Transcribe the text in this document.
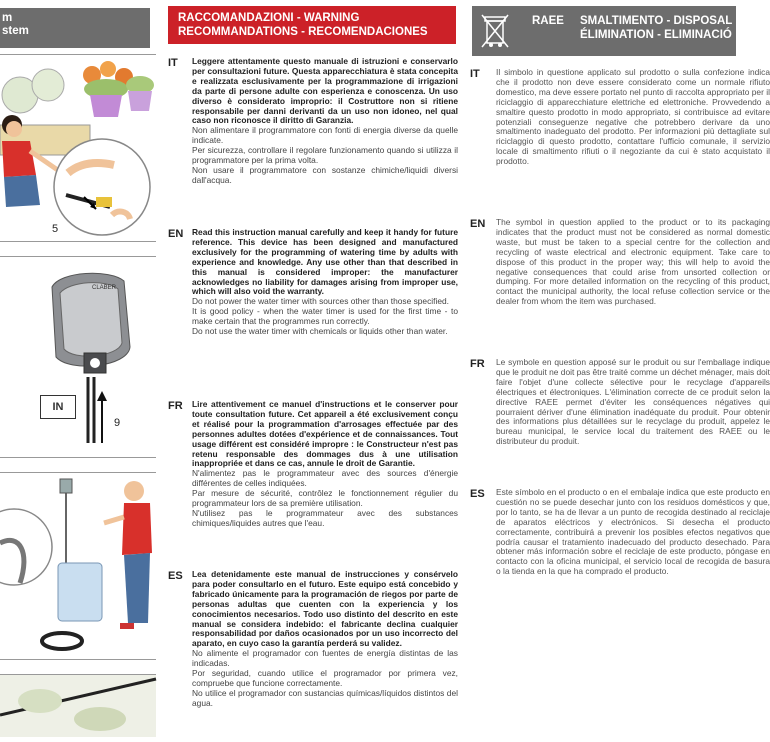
m
stem
5
CLABER
IN
9
RACCOMANDAZIONI - WARNING
RECOMMANDATIONS - RECOMENDACIONES
IT Leggere attentamente questo manuale di istruzioni e conservarlo per consultazioni future. Questa apparecchiatura è stata concepita e realizzata esclusivamente per la programmazione di irrigazioni da parte di persone adulte con esperienza e conoscenza. Un uso diverso è considerato improprio: il Costruttore non si ritiene responsabile per danni derivanti da un uso non idoneo, nel qual caso non riconosce il diritto di Garanzia.
Non alimentare il programmatore con fonti di energia diverse da quelle indicate.
Per sicurezza, controllare il regolare funzionamento quando si utilizza il programmatore per la prima volta.
Non usare il programmatore con sostanze chimiche/liquidi diversi dall'acqua.
EN Read this instruction manual carefully and keep it handy for future reference. This device has been designed and manufactured exclusively for the programming of watering time by adults with experience and knowledge. Any use other than that described in this manual is considered improper: the manufacturer acknowledges no liability for damages arising from improper use, which will also void the warranty.
Do not power the water timer with sources other than those specified.
It is good policy - when the water timer is used for the first time - to make certain that the programmes run correctly.
Do not use the water timer with chemicals or liquids other than water.
FR Lire attentivement ce manuel d'instructions et le conserver pour toute consultation future. Cet appareil a été exclusivement conçu et réalisé pour la programmation d'arrosages effectuée par des personnes adultes dotées d'expérience et de connaissances. Tout usage différent est considéré impropre : le Constructeur n'est pas retenu responsable des dommages dus à une utilisation inappropriée et dans ce cas, annule le droit de Garantie.
N'alimentez pas le programmateur avec des sources d'énergie différentes de celles indiquées.
Par mesure de sécurité, contrôlez le fonctionnement régulier du programmateur lors de sa première utilisation.
N'utilisez pas le programmateur avec des substances chimiques/liquides autres que l'eau.
ES Lea detenidamente este manual de instrucciones y consérvelo para poder consultarlo en el futuro. Este equipo está concebido y fabricado únicamente para la programación de riegos por parte de personas adultas que cuenten con la experiencia y los conocimientos necesarios. Todo uso distinto del descrito en este manual se considera indebido: el fabricante declina cualquier responsabilidad por daños ocasionados por un uso incorrecto del aparato, en cuyo caso la garantía perderá su validez.
No alimente el programador con fuentes de energía distintas de las indicadas.
Por seguridad, cuando utilice el programador por primera vez, compruebe que funcione correctamente.
No utilice el programador con sustancias químicas/líquidos distintos del agua.
RAEE SMALTIMENTO - DISPOSAL
ÉLIMINATION - ELIMINACIÓ
IT Il simbolo in questione applicato sul prodotto o sulla confezione indica che il prodotto non deve essere considerato come un normale rifiuto domestico, ma deve essere portato nel punto di raccolta appropriato per il riciclaggio di apparecchiature elettriche ed elettroniche. Provvedendo a smaltire questo prodotto in modo appropriato, si contribuisce ad evitare potenziali conseguenze negative che potrebbero derivare da uno smaltimento inadeguato del prodotto. Per informazioni più dettagliate sul riciclaggio di questo prodotto, contattare l'ufficio comunale, il servizio locale di smaltimento rifiuti o il negoziante da cui è stato acquistato il prodotto.
EN The symbol in question applied to the product or to its packaging indicates that the product must not be considered as normal domestic waste, but must be taken to a special centre for the collection and recycling of waste electrical and electronic equipment. Take care to dispose of this product in the proper way; this will help to avoid the negative consequences that could arise from unsorted collection or dumping. For more detailed information on the recycling of this product, contact the municipal authority, the local refuse collection service or the dealer from whom the item was purchased.
FR Le symbole en question apposé sur le produit ou sur l'emballage indique que le produit ne doit pas être traité comme un déchet ménager, mais doit faire l'objet d'une collecte sélective pour le recyclage d'appareils électriques et électroniques. L'élimination correcte de ce produit selon la directive RAEE permet d'éviter les conséquences négatives qui pourraient dériver d'une élimination inadéquate du produit. Pour obtenir des informations plus détaillées sur le recyclage du produit, appelez le bureau municipal, le service local du traitement des RAEE ou le distributeur du produit.
ES Este símbolo en el producto o en el embalaje indica que este producto en cuestión no se puede desechar junto con los residuos domésticos y que, por lo tanto, se ha de llevar a un punto de recogida destinado al reciclaje de aparatos eléctricos y electrónicos. Si desecha el producto correctamente, contribuirá a prevenir los posibles efectos negativos que podría causar el tratamiento inadecuado del producto desechado. Para obtener más información sobre el reciclaje de este producto, póngase en contacto con la oficina municipal, el servicio local de recogida de basura o la tienda en la que ha comprado el producto.
